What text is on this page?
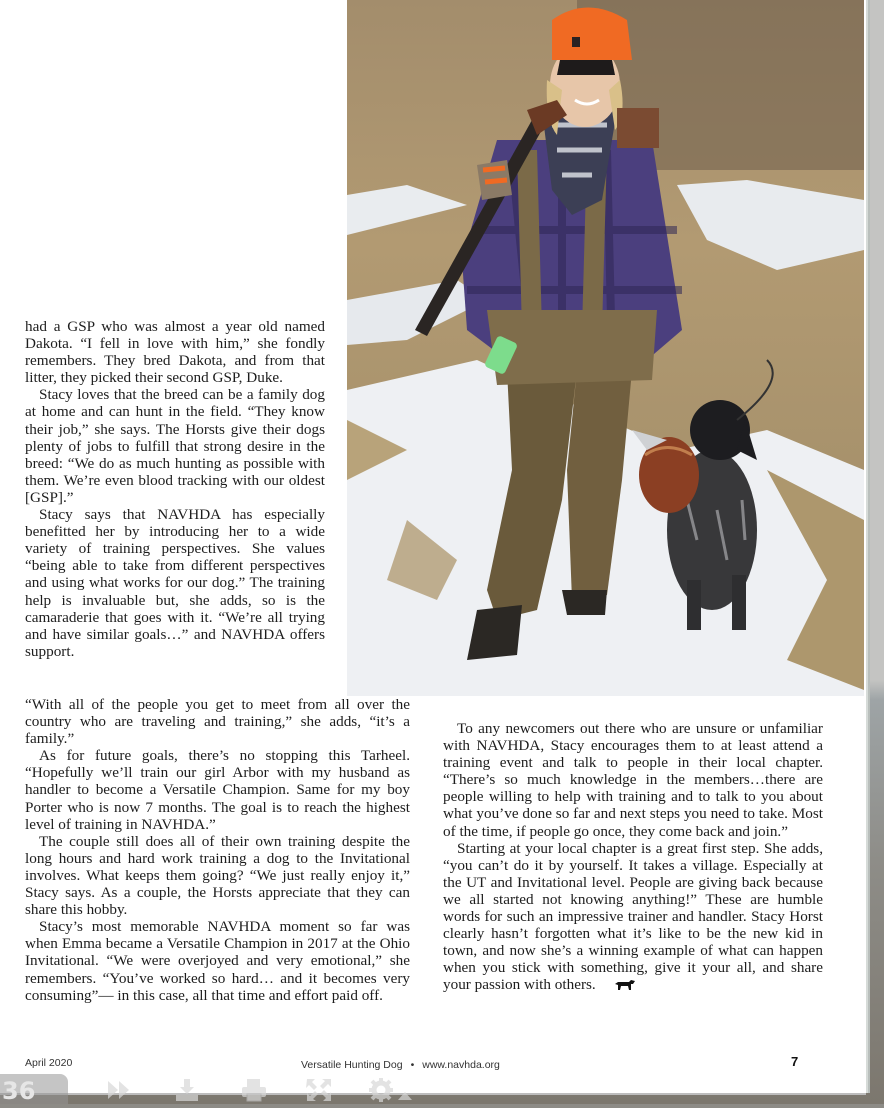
had a GSP who was almost a year old named Dakota. “I fell in love with him,” she fondly remembers. They bred Dakota, and from that litter, they picked their second GSP, Duke.

Stacy loves that the breed can be a family dog at home and can hunt in the field. “They know their job,” she says. The Horsts give their dogs plenty of jobs to fulfill that strong desire in the breed: “We do as much hunting as possible with them. We’re even blood tracking with our oldest [GSP].”

Stacy says that NAVHDA has especially benefitted her by introducing her to a wide variety of training perspectives. She values “being able to take from different perspectives and using what works for our dog.” The training help is invaluable but, she adds, so is the camaraderie that goes with it. “We’re all trying and have similar goals…” and NAVHDA offers support.

“With all of the people you get to meet from all over the country who are traveling and training,” she adds, “it’s a family.”

As for future goals, there’s no stopping this Tarheel. “Hopefully we’ll train our girl Arbor with my husband as handler to become a Versatile Champion. Same for my boy Porter who is now 7 months. The goal is to reach the highest level of training in NAVHDA.”

The couple still does all of their own training despite the long hours and hard work training a dog to the Invitational involves. What keeps them going? “We just really enjoy it,” Stacy says. As a couple, the Horsts appreciate that they can share this hobby.

Stacy’s most memorable NAVHDA moment so far was when Emma became a Versatile Champion in 2017 at the Ohio Invitational. “We were overjoyed and very emotional,” she remembers. “You’ve worked so hard… and it becomes very consuming”— in this case, all that time and effort paid off.

To any newcomers out there who are unsure or unfamiliar with NAVHDA, Stacy encourages them to at least attend a training event and talk to people in their local chapter. “There’s so much knowledge in the members…there are people willing to help with training and to talk to you about what you’ve done so far and next steps you need to take. Most of the time, if people go once, they come back and join.”

Starting at your local chapter is a great first step. She adds, “you can’t do it by yourself. It takes a village. Especially at the UT and Invitational level. People are giving back because we all started not knowing anything!” These are humble words for such an impressive trainer and handler. Stacy Horst clearly hasn’t forgotten what it’s like to be the new kid in town, and now she’s a winning example of what can happen when you stick with something, give it your all, and share your passion with others.

April 2020	Versatile Hunting Dog • www.navhda.org	7
36
